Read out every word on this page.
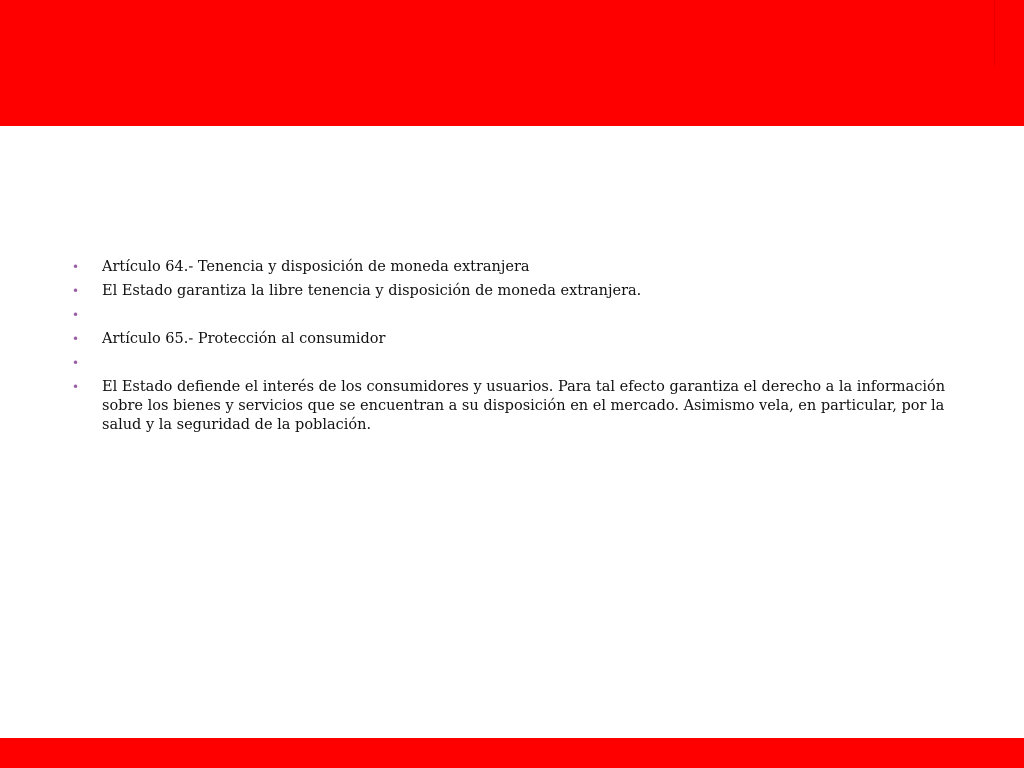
•	Artículo 64.- Tenencia y disposición de moneda extranjera
•	El Estado garantiza la libre tenencia y disposición de moneda extranjera.
•
•	Artículo 65.- Protección al consumidor
•
•	El Estado defiende el interés de los consumidores y usuarios. Para tal efecto garantiza el derecho a la información sobre los bienes y servicios que se encuentran a su disposición en el mercado. Asimismo vela, en particular, por la salud y la seguridad de la población.
